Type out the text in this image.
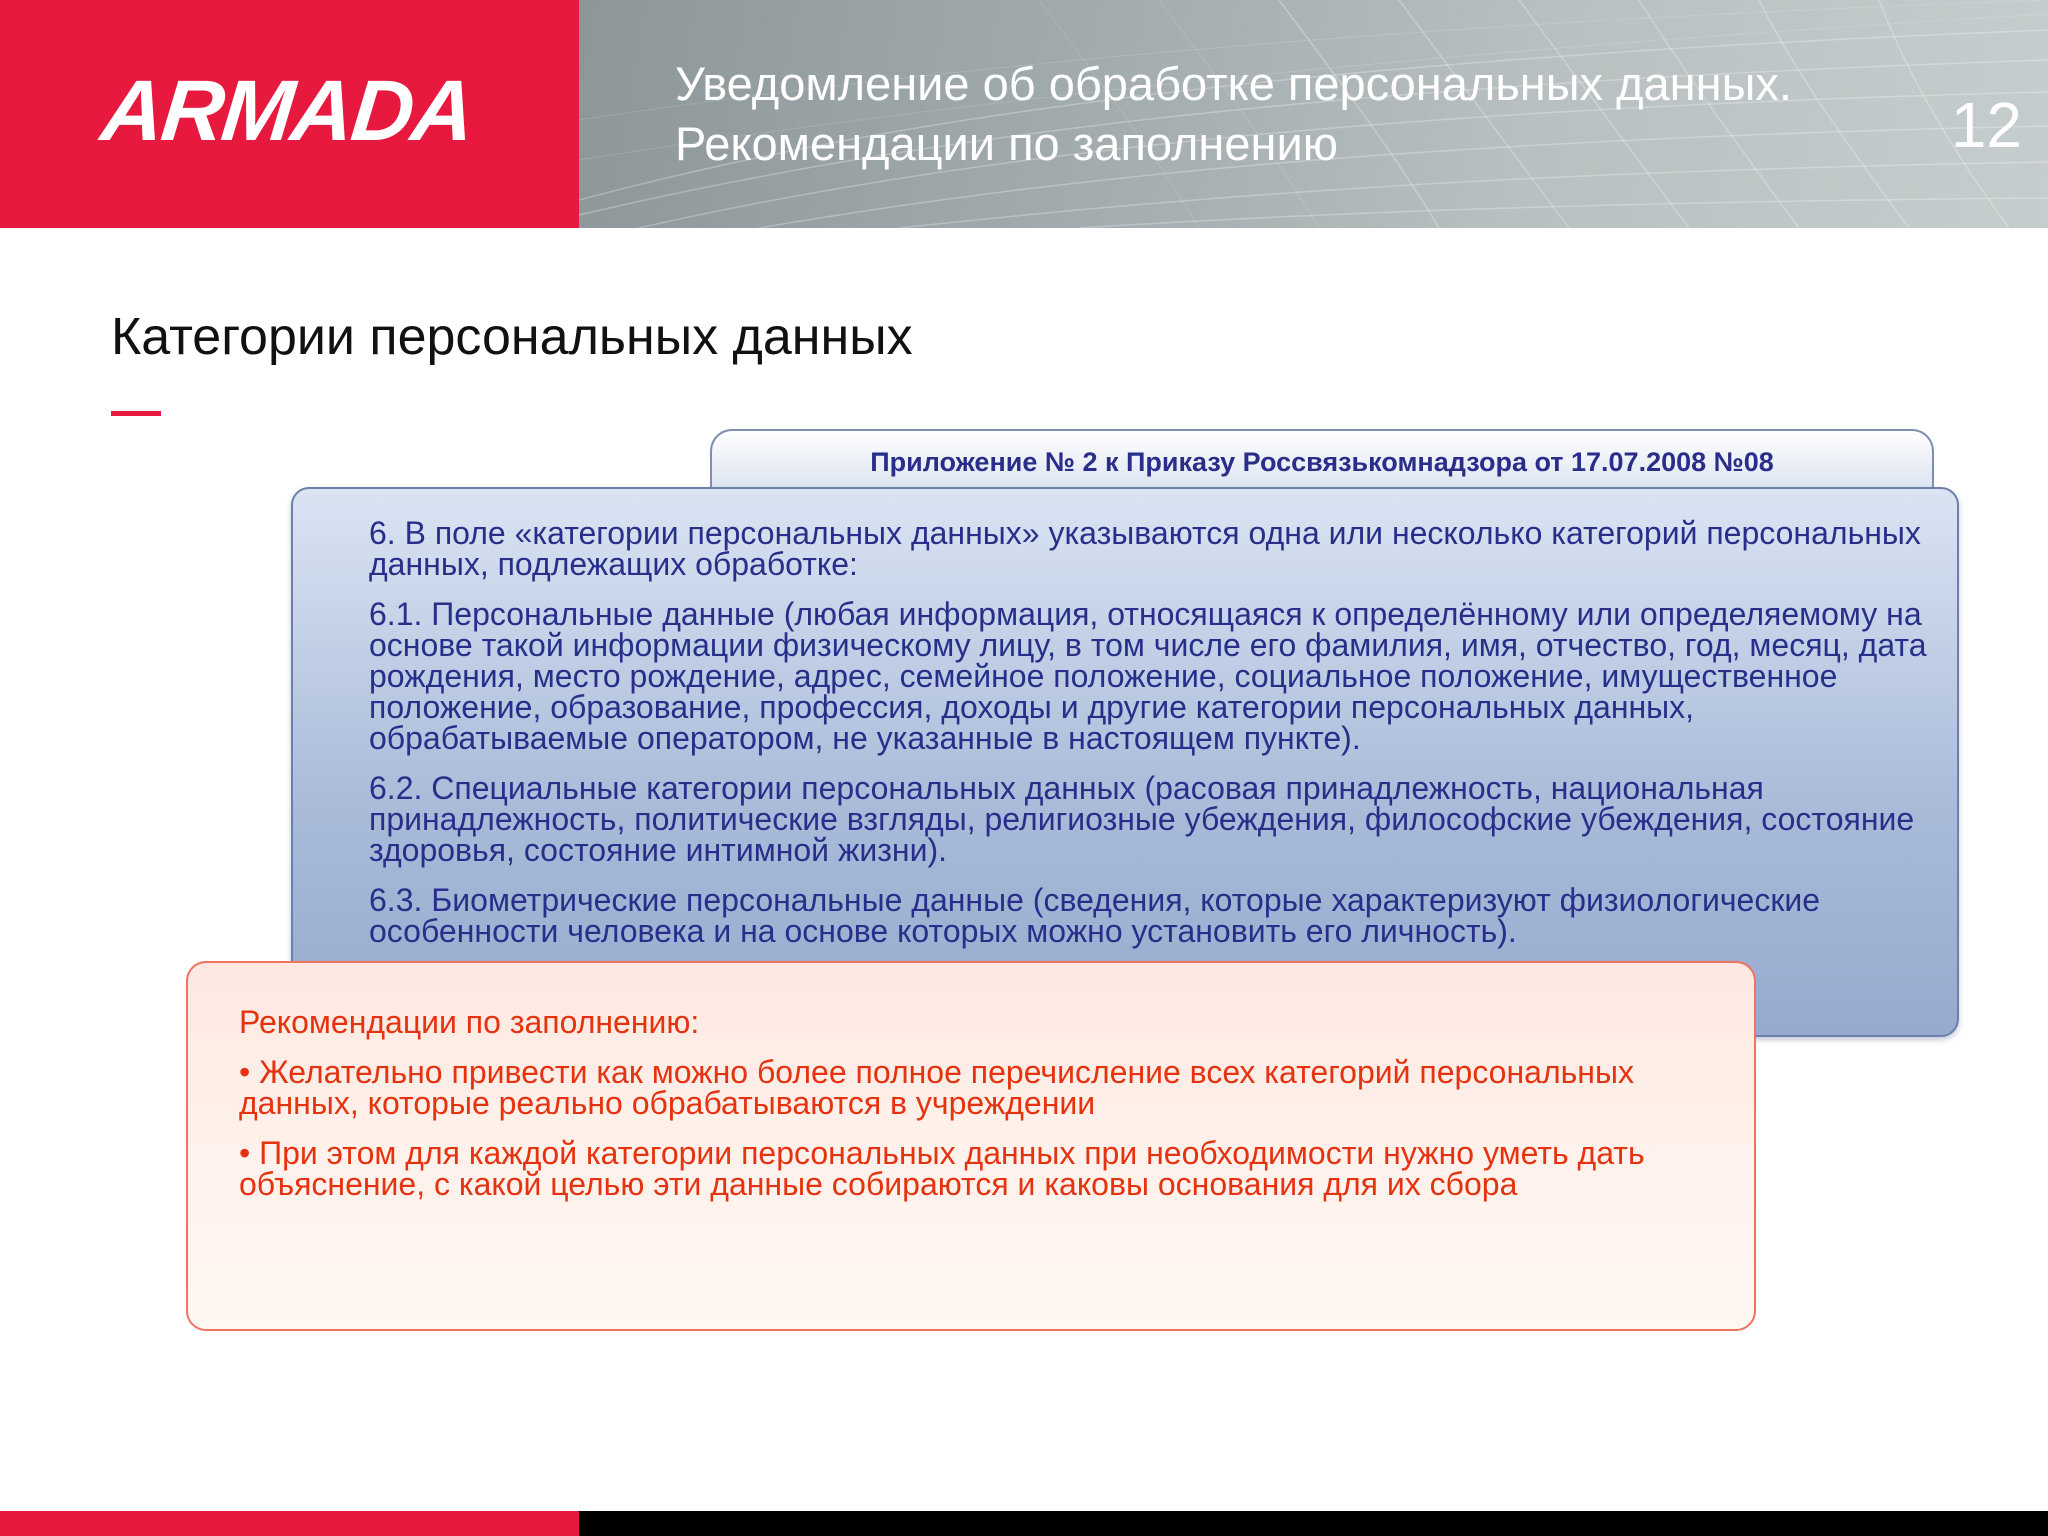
ARMADA	Уведомление об обработке персональных данных.
Рекомендации по заполнению	12
Категории персональных данных
Приложение № 2 к Приказу Россвязькомнадзора от 17.07.2008 №08

6. В поле «категории персональных данных» указываются одна или несколько категорий персональных данных, подлежащих обработке:

6.1. Персональные данные (любая информация, относящаяся к определённому или определяемому на основе такой информации физическому лицу, в том числе его фамилия, имя, отчество, год, месяц, дата рождения, место рождение, адрес, семейное положение, социальное положение, имущественное положение, образование, профессия, доходы и другие категории персональных данных, обрабатываемые оператором, не указанные в настоящем пункте).

6.2. Специальные категории персональных данных (расовая принадлежность, национальная принадлежность, политические взгляды, религиозные убеждения, философские убеждения, состояние здоровья, состояние интимной жизни).

6.3. Биометрические персональные данные (сведения, которые характеризуют физиологические особенности человека и на основе которых можно установить его личность).

Рекомендации по заполнению:

• Желательно привести как можно более полное перечисление всех категорий персональных данных, которые реально обрабатываются в учреждении

• При этом для каждой категории персональных данных при необходимости нужно уметь дать объяснение, с какой целью эти данные собираются и каковы основания для их сбора
